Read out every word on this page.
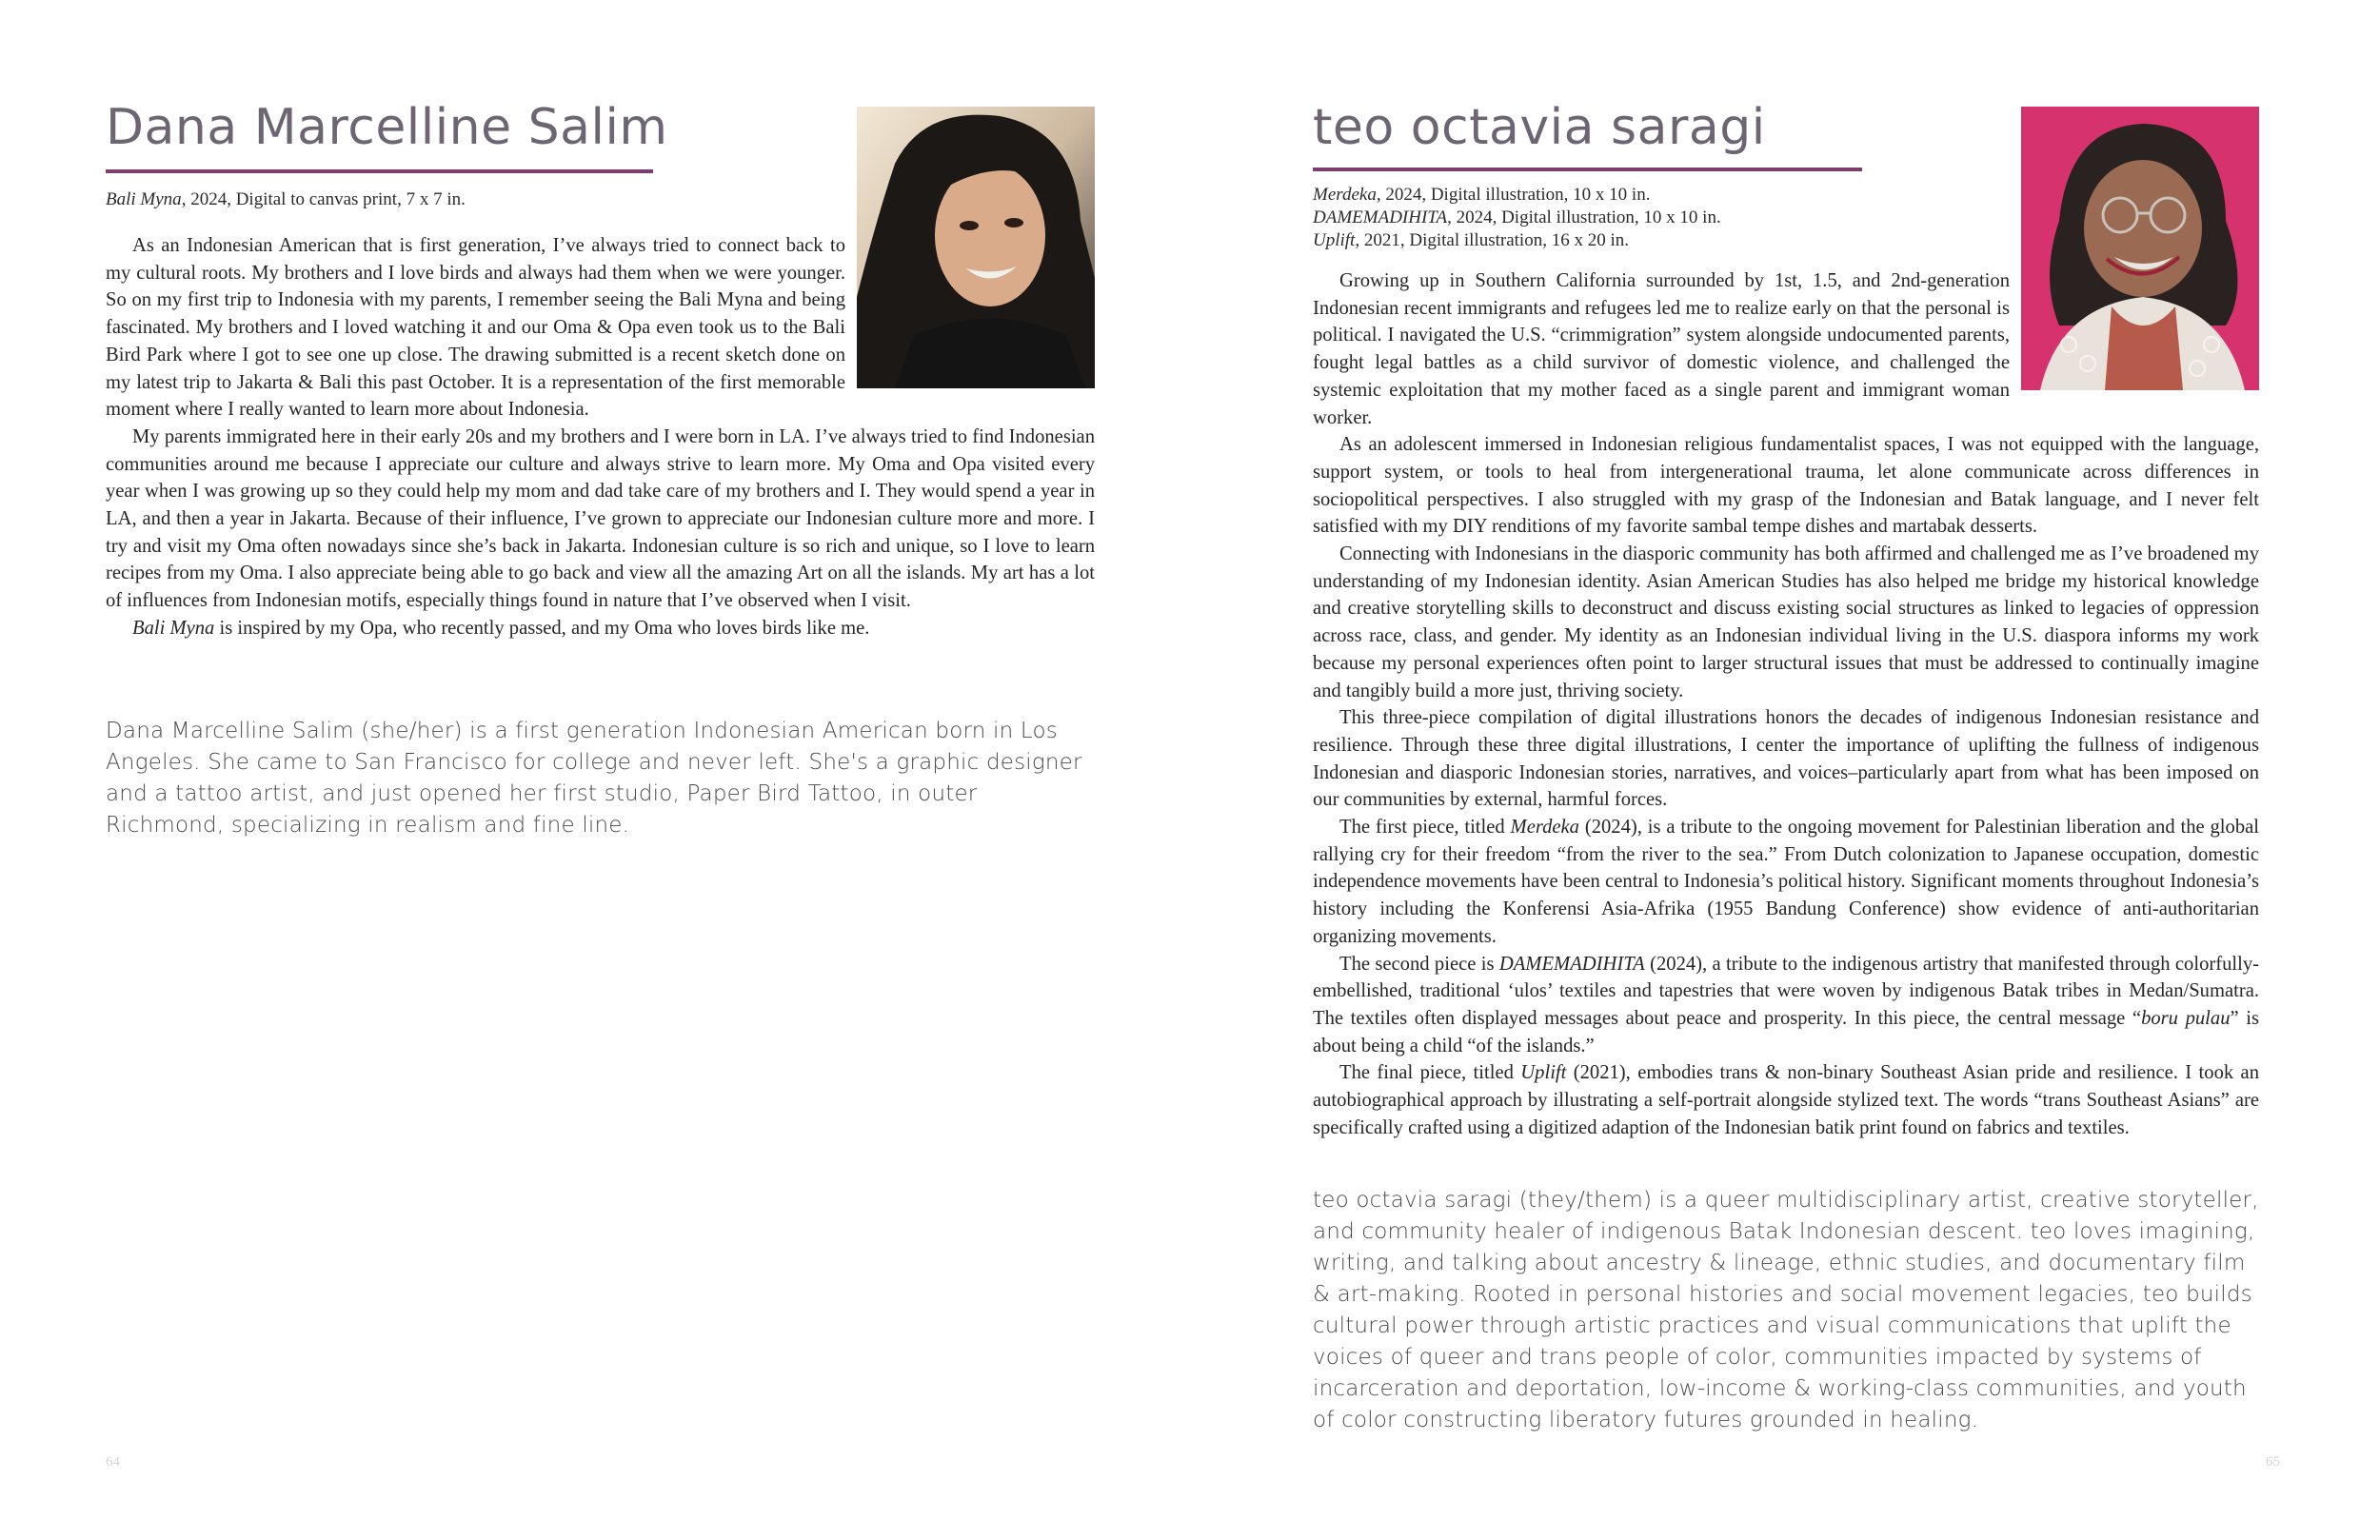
Dana Marcelline Salim
Bali Myna, 2024, Digital to canvas print, 7 x 7 in.

As an Indonesian American that is first generation, I’ve always tried to connect back to my cultural roots. My brothers and I love birds and always had them when we were younger. So on my first trip to Indonesia with my parents, I remember seeing the Bali Myna and being fascinated. My brothers and I loved watching it and our Oma & Opa even took us to the Bali Bird Park where I got to see one up close. The drawing submitted is a recent sketch done on my latest trip to Jakarta & Bali this past October. It is a representation of the first memorable moment where I really wanted to learn more about Indonesia.

My parents immigrated here in their early 20s and my brothers and I were born in LA. I’ve always tried to find Indonesian communities around me because I appreciate our culture and always strive to learn more. My Oma and Opa visited every year when I was growing up so they could help my mom and dad take care of my brothers and I. They would spend a year in LA, and then a year in Jakarta. Because of their influence, I’ve grown to appreciate our Indonesian culture more and more. I try and visit my Oma often nowadays since she’s back in Jakarta. Indonesian culture is so rich and unique, so I love to learn recipes from my Oma. I also appreciate being able to go back and view all the amazing Art on all the islands. My art has a lot of influences from Indonesian motifs, especially things found in nature that I’ve observed when I visit.

Bali Myna is inspired by my Opa, who recently passed, and my Oma who loves birds like me.

Dana Marcelline Salim (she/her) is a first generation Indonesian American born in Los Angeles. She came to San Francisco for college and never left. She's a graphic designer and a tattoo artist, and just opened her first studio, Paper Bird Tattoo, in outer Richmond, specializing in realism and fine line.
64
teo octavia saragi
Merdeka, 2024, Digital illustration, 10 x 10 in.
DAMEMADIHITA, 2024, Digital illustration, 10 x 10 in.
Uplift, 2021, Digital illustration, 16 x 20 in.

Growing up in Southern California surrounded by 1st, 1.5, and 2nd-generation Indonesian recent immigrants and refugees led me to realize early on that the personal is political. I navigated the U.S. “crimmigration” system alongside undocumented parents, fought legal battles as a child survivor of domestic violence, and challenged the systemic exploitation that my mother faced as a single parent and immigrant woman worker.

As an adolescent immersed in Indonesian religious fundamentalist spaces, I was not equipped with the language, support system, or tools to heal from intergenerational trauma, let alone communicate across differences in sociopolitical perspectives. I also struggled with my grasp of the Indonesian and Batak language, and I never felt satisfied with my DIY renditions of my favorite sambal tempe dishes and martabak desserts.

Connecting with Indonesians in the diasporic community has both affirmed and challenged me as I’ve broadened my understanding of my Indonesian identity. Asian American Studies has also helped me bridge my historical knowledge and creative storytelling skills to deconstruct and discuss existing social structures as linked to legacies of oppression across race, class, and gender. My identity as an Indonesian individual living in the U.S. diaspora informs my work because my personal experiences often point to larger structural issues that must be addressed to continually imagine and tangibly build a more just, thriving society.

This three-piece compilation of digital illustrations honors the decades of indigenous Indonesian resistance and resilience. Through these three digital illustrations, I center the importance of uplifting the fullness of indigenous Indonesian and diasporic Indonesian stories, narratives, and voices–particularly apart from what has been imposed on our communities by external, harmful forces.

The first piece, titled Merdeka (2024), is a tribute to the ongoing movement for Palestinian liberation and the global rallying cry for their freedom “from the river to the sea.” From Dutch colonization to Japanese occupation, domestic independence movements have been central to Indonesia’s political history. Significant moments throughout Indonesia’s history including the Konferensi Asia-Afrika (1955 Bandung Conference) show evidence of anti-authoritarian organizing movements.

The second piece is DAMEMADIHITA (2024), a tribute to the indigenous artistry that manifested through colorfully-embellished, traditional ‘ulos’ textiles and tapestries that were woven by indigenous Batak tribes in Medan/Sumatra. The textiles often displayed messages about peace and prosperity. In this piece, the central message “boru pulau” is about being a child “of the islands.”

The final piece, titled Uplift (2021), embodies trans & non-binary Southeast Asian pride and resilience. I took an autobiographical approach by illustrating a self-portrait alongside stylized text. The words “trans Southeast Asians” are specifically crafted using a digitized adaption of the Indonesian batik print found on fabrics and textiles.

teo octavia saragi (they/them) is a queer multidisciplinary artist, creative storyteller, and community healer of indigenous Batak Indonesian descent. teo loves imagining, writing, and talking about ancestry & lineage, ethnic studies, and documentary film & art-making. Rooted in personal histories and social movement legacies, teo builds cultural power through artistic practices and visual communications that uplift the voices of queer and trans people of color, communities impacted by systems of incarceration and deportation, low-income & working-class communities, and youth of color constructing liberatory futures grounded in healing.
65
